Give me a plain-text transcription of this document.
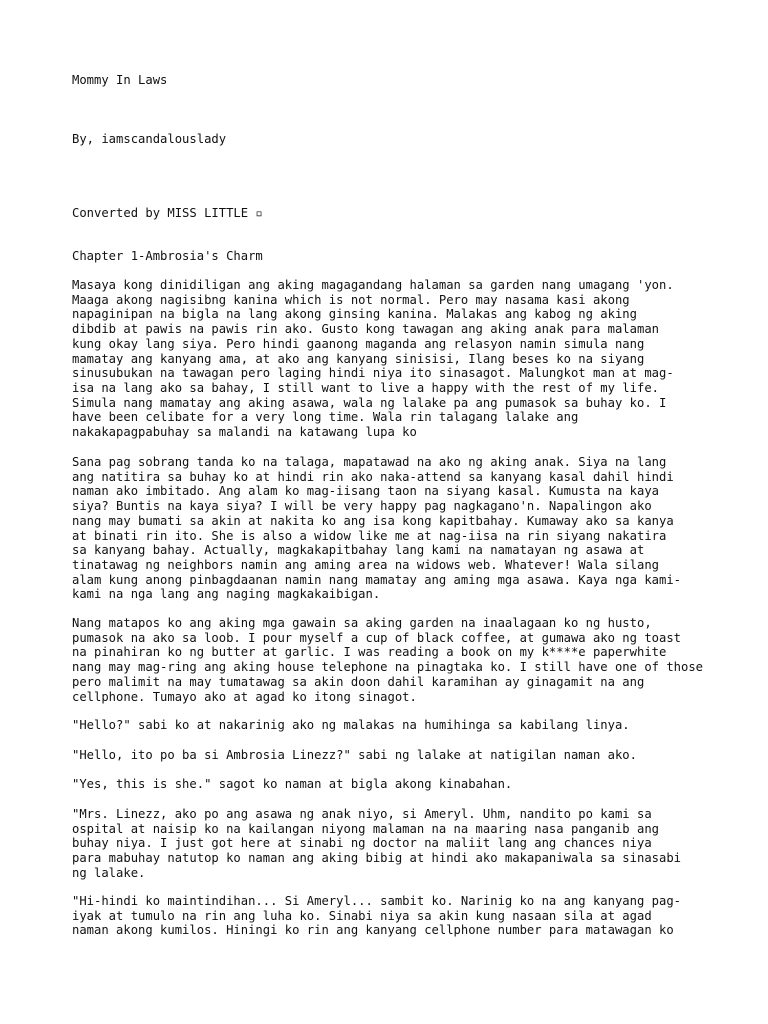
Mommy In Laws

By, iamscandalouslady

Converted by MISS LITTLE ▫

Chapter 1-Ambrosia's Charm

Masaya kong dinidiligan ang aking magagandang halaman sa garden nang umagang 'yon.
Maaga akong nagisibng kanina which is not normal. Pero may nasama kasi akong
napaginipan na bigla na lang akong ginsing kanina. Malakas ang kabog ng aking
dibdib at pawis na pawis rin ako. Gusto kong tawagan ang aking anak para malaman
kung okay lang siya. Pero hindi gaanong maganda ang relasyon namin simula nang
mamatay ang kanyang ama, at ako ang kanyang sinisisi, Ilang beses ko na siyang
sinusubukan na tawagan pero laging hindi niya ito sinasagot. Malungkot man at mag-
isa na lang ako sa bahay, I still want to live a happy with the rest of my life.
Simula nang mamatay ang aking asawa, wala ng lalake pa ang pumasok sa buhay ko. I
have been celibate for a very long time. Wala rin talagang lalake ang
nakakapagpabuhay sa malandi na katawang lupa ko

Sana pag sobrang tanda ko na talaga, mapatawad na ako ng aking anak. Siya na lang
ang natitira sa buhay ko at hindi rin ako naka-attend sa kanyang kasal dahil hindi
naman ako imbitado. Ang alam ko mag-iisang taon na siyang kasal. Kumusta na kaya
siya? Buntis na kaya siya? I will be very happy pag nagkagano'n. Napalingon ako
nang may bumati sa akin at nakita ko ang isa kong kapitbahay. Kumaway ako sa kanya
at binati rin ito. She is also a widow like me at nag-iisa na rin siyang nakatira
sa kanyang bahay. Actually, magkakapitbahay lang kami na namatayan ng asawa at
tinatawag ng neighbors namin ang aming area na widows web. Whatever! Wala silang
alam kung anong pinbagdaanan namin nang mamatay ang aming mga asawa. Kaya nga kami-
kami na nga lang ang naging magkakaibigan.

Nang matapos ko ang aking mga gawain sa aking garden na inaalagaan ko ng husto,
pumasok na ako sa loob. I pour myself a cup of black coffee, at gumawa ako ng toast
na pinahiran ko ng butter at garlic. I was reading a book on my k****e paperwhite
nang may mag-ring ang aking house telephone na pinagtaka ko. I still have one of those
pero malimit na may tumatawag sa akin doon dahil karamihan ay ginagamit na ang
cellphone. Tumayo ako at agad ko itong sinagot.

"Hello?" sabi ko at nakarinig ako ng malakas na humihinga sa kabilang linya.

"Hello, ito po ba si Ambrosia Linezz?" sabi ng lalake at natigilan naman ako.

"Yes, this is she." sagot ko naman at bigla akong kinabahan.

"Mrs. Linezz, ako po ang asawa ng anak niyo, si Ameryl. Uhm, nandito po kami sa
ospital at naisip ko na kailangan niyong malaman na na maaring nasa panganib ang
buhay niya. I just got here at sinabi ng doctor na maliit lang ang chances niya
para mabuhay natutop ko naman ang aking bibig at hindi ako makapaniwala sa sinasabi
ng lalake.

"Hi-hindi ko maintindihan... Si Ameryl... sambit ko. Narinig ko na ang kanyang pag-
iyak at tumulo na rin ang luha ko. Sinabi niya sa akin kung nasaan sila at agad
naman akong kumilos. Hiningi ko rin ang kanyang cellphone number para matawagan ko
